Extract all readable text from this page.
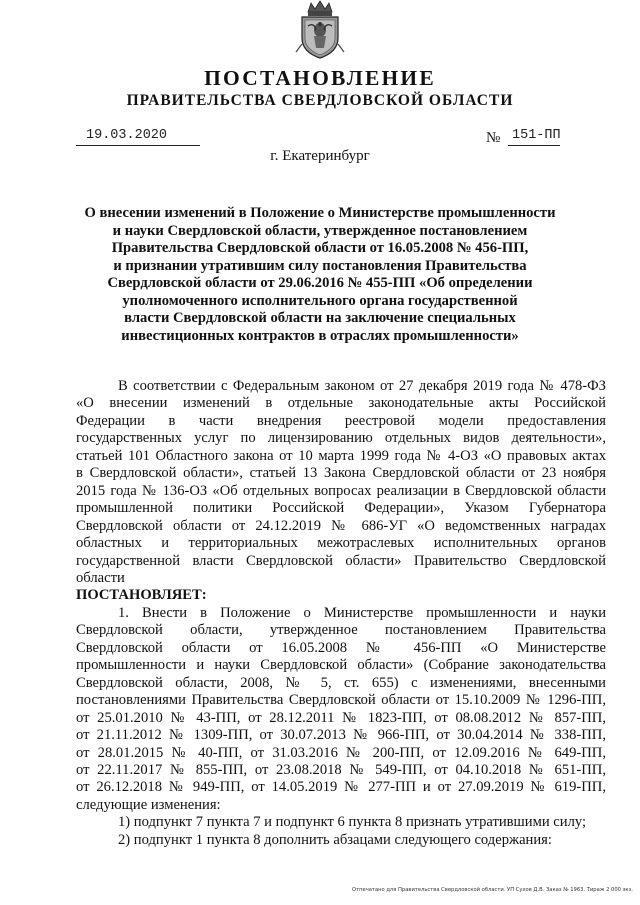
ПОСТАНОВЛЕНИЕ
ПРАВИТЕЛЬСТВА СВЕРДЛОВСКОЙ ОБЛАСТИ
19.03.2020	№ 151-ПП
г. Екатеринбург
О внесении изменений в Положение о Министерстве промышленности
и науки Свердловской области, утвержденное постановлением
Правительства Свердловской области от 16.05.2008 № 456-ПП,
и признании утратившим силу постановления Правительства
Свердловской области от 29.06.2016 № 455-ПП «Об определении
уполномоченного исполнительного органа государственной
власти Свердловской области на заключение специальных
инвестиционных контрактов в отраслях промышленности»
В соответствии с Федеральным законом от 27 декабря 2019 года № 478-ФЗ
«О внесении изменений в отдельные законодательные акты Российской
Федерации в части внедрения реестровой модели предоставления
государственных услуг по лицензированию отдельных видов деятельности»,
статьей 101 Областного закона от 10 марта 1999 года № 4-ОЗ «О правовых актах
в Свердловской области», статьей 13 Закона Свердловской области от 23 ноября
2015 года № 136-ОЗ «Об отдельных вопросах реализации в Свердловской области
промышленной политики Российской Федерации», Указом Губернатора
Свердловской области от 24.12.2019 № 686-УГ «О ведомственных наградах
областных и территориальных межотраслевых исполнительных органов
государственной власти Свердловской области» Правительство Свердловской
области
ПОСТАНОВЛЯЕТ:
1. Внести в Положение о Министерстве промышленности и науки
Свердловской области, утвержденное постановлением Правительства
Свердловской области от 16.05.2008 № 456-ПП «О Министерстве
промышленности и науки Свердловской области» (Собрание законодательства
Свердловской области, 2008, № 5, ст. 655) с изменениями, внесенными
постановлениями Правительства Свердловской области от 15.10.2009 № 1296-ПП,
от 25.01.2010 № 43-ПП, от 28.12.2011 № 1823-ПП, от 08.08.2012 № 857-ПП,
от 21.11.2012 № 1309-ПП, от 30.07.2013 № 966-ПП, от 30.04.2014 № 338-ПП,
от 28.01.2015 № 40-ПП, от 31.03.2016 № 200-ПП, от 12.09.2016 № 649-ПП,
от 22.11.2017 № 855-ПП, от 23.08.2018 № 549-ПП, от 04.10.2018 № 651-ПП,
от 26.12.2018 № 949-ПП, от 14.05.2019 № 277-ПП и от 27.09.2019 № 619-ПП,
следующие изменения:
1) подпункт 7 пункта 7 и подпункт 6 пункта 8 признать утратившими силу;
2) подпункт 1 пункта 8 дополнить абзацами следующего содержания:
Отпечатано для Правительства Свердловской области. УП Сухов Д.В. Заказ № 1963. Тираж 2 000 экз.
